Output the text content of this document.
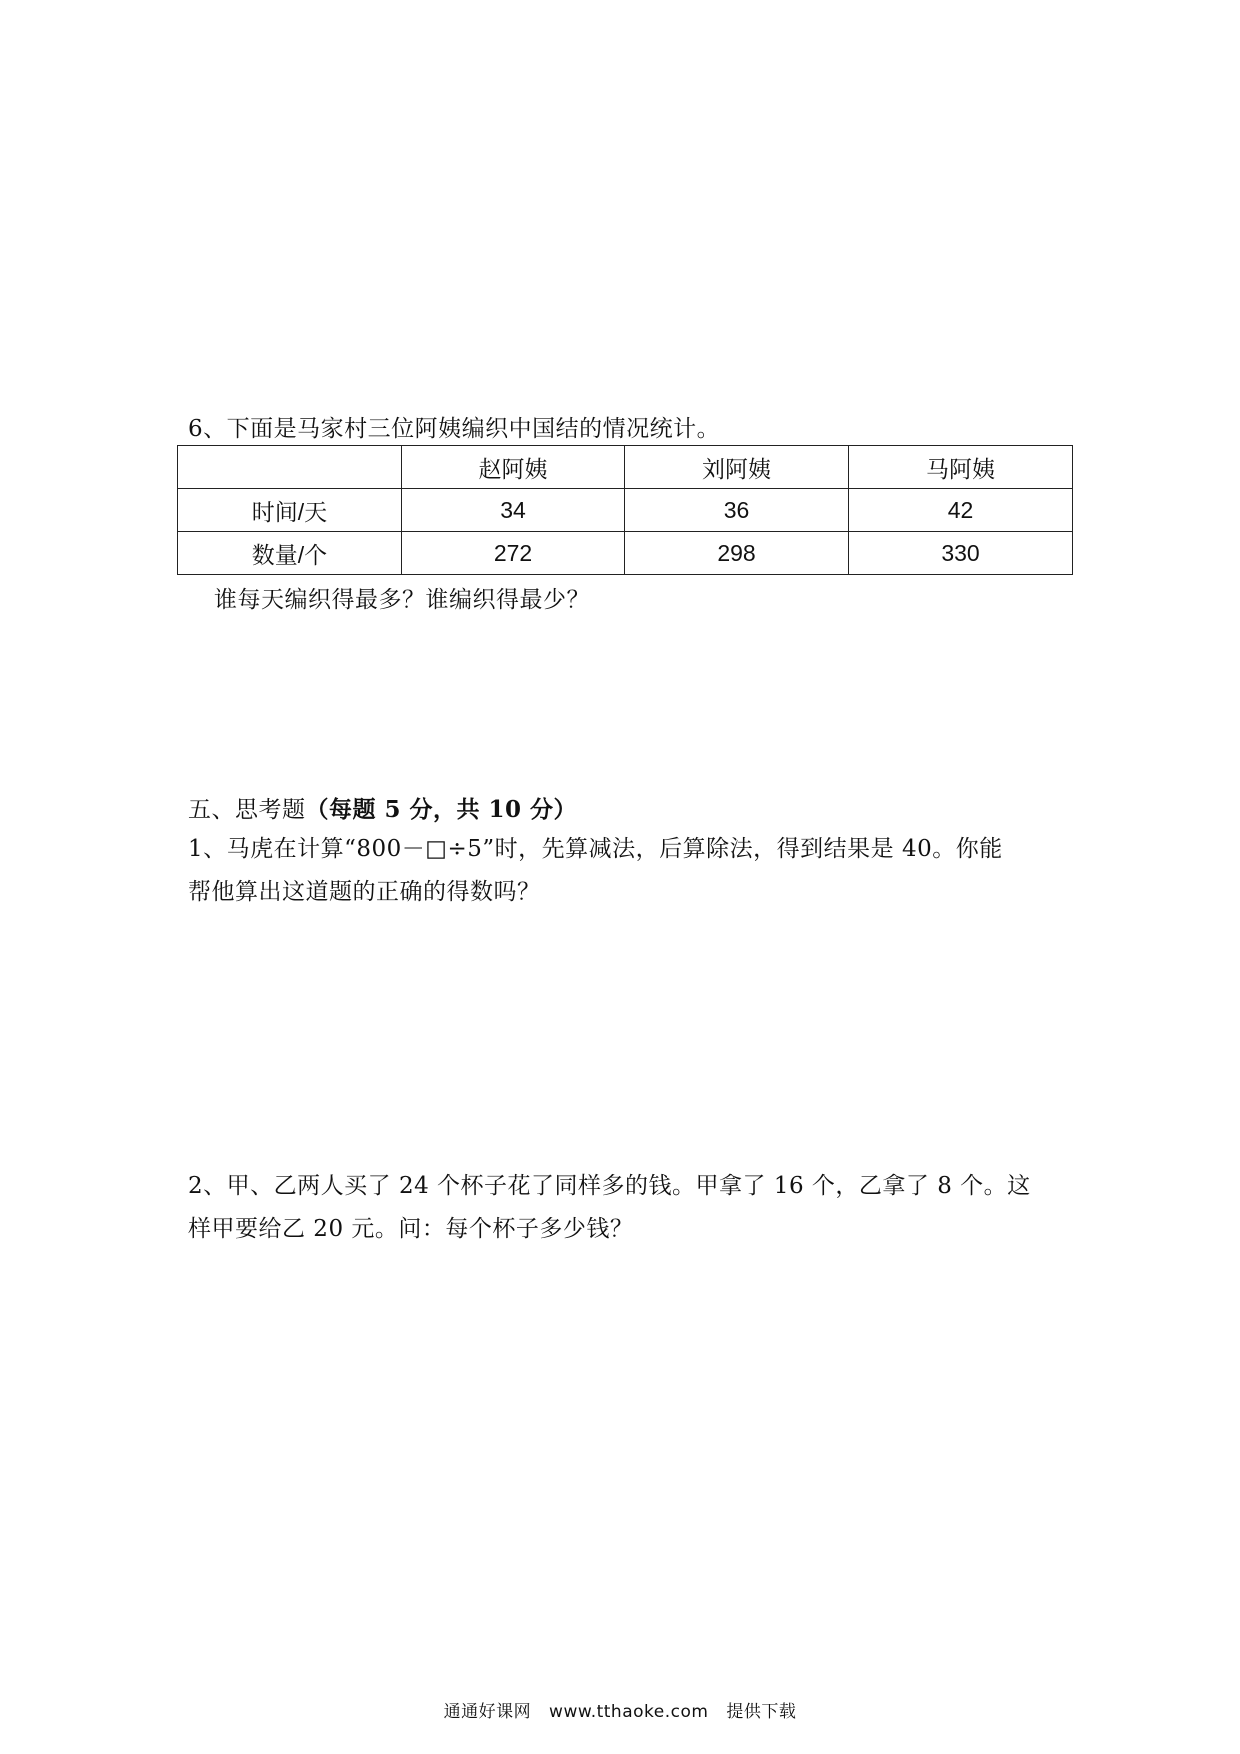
6、下面是马家村三位阿姨编织中国结的情况统计。
	赵阿姨	刘阿姨	马阿姨
时间/天	34	36	42
数量/个	272	298	330
谁每天编织得最多？谁编织得最少？
五、思考题（每题 5 分，共 10 分）
1、马虎在计算“800－□÷5”时，先算减法，后算除法，得到结果是 40。你能
帮他算出这道题的正确的得数吗？
2、甲、乙两人买了 24 个杯子花了同样多的钱。甲拿了 16 个，乙拿了 8 个。这
样甲要给乙 20 元。问：每个杯子多少钱？
通通好课网 www.tthaoke.com 提供下载
